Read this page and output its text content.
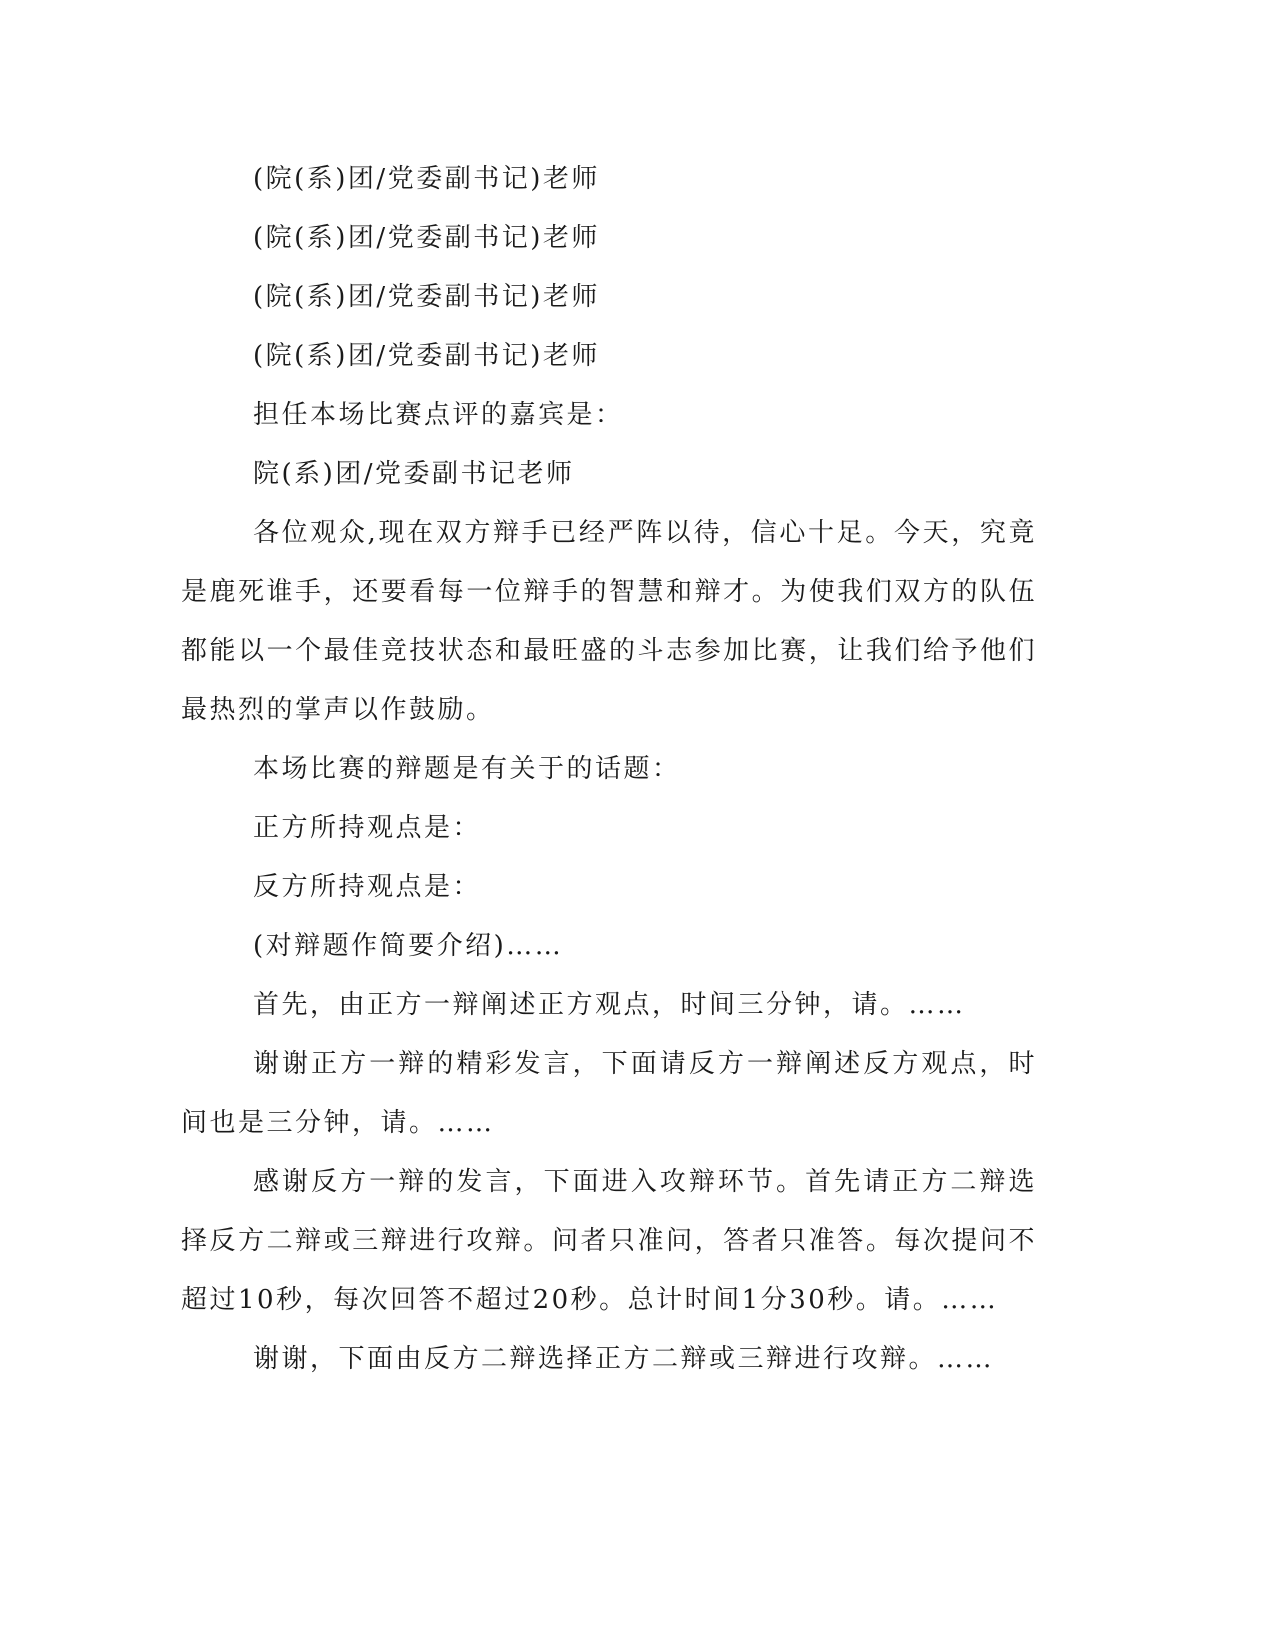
(院(系)团/党委副书记)老师

(院(系)团/党委副书记)老师

(院(系)团/党委副书记)老师

(院(系)团/党委副书记)老师

担任本场比赛点评的嘉宾是：

院(系)团/党委副书记老师

各位观众,现在双方辩手已经严阵以待，信心十足。今天，究竟是鹿死谁手，还要看每一位辩手的智慧和辩才。为使我们双方的队伍都能以一个最佳竞技状态和最旺盛的斗志参加比赛，让我们给予他们最热烈的掌声以作鼓励。

本场比赛的辩题是有关于的话题：

正方所持观点是：

反方所持观点是：

(对辩题作简要介绍)……

首先，由正方一辩阐述正方观点，时间三分钟，请。……

谢谢正方一辩的精彩发言，下面请反方一辩阐述反方观点，时间也是三分钟，请。……

感谢反方一辩的发言，下面进入攻辩环节。首先请正方二辩选择反方二辩或三辩进行攻辩。问者只准问，答者只准答。每次提问不超过10秒，每次回答不超过20秒。总计时间1分30秒。请。……

谢谢，下面由反方二辩选择正方二辩或三辩进行攻辩。……
